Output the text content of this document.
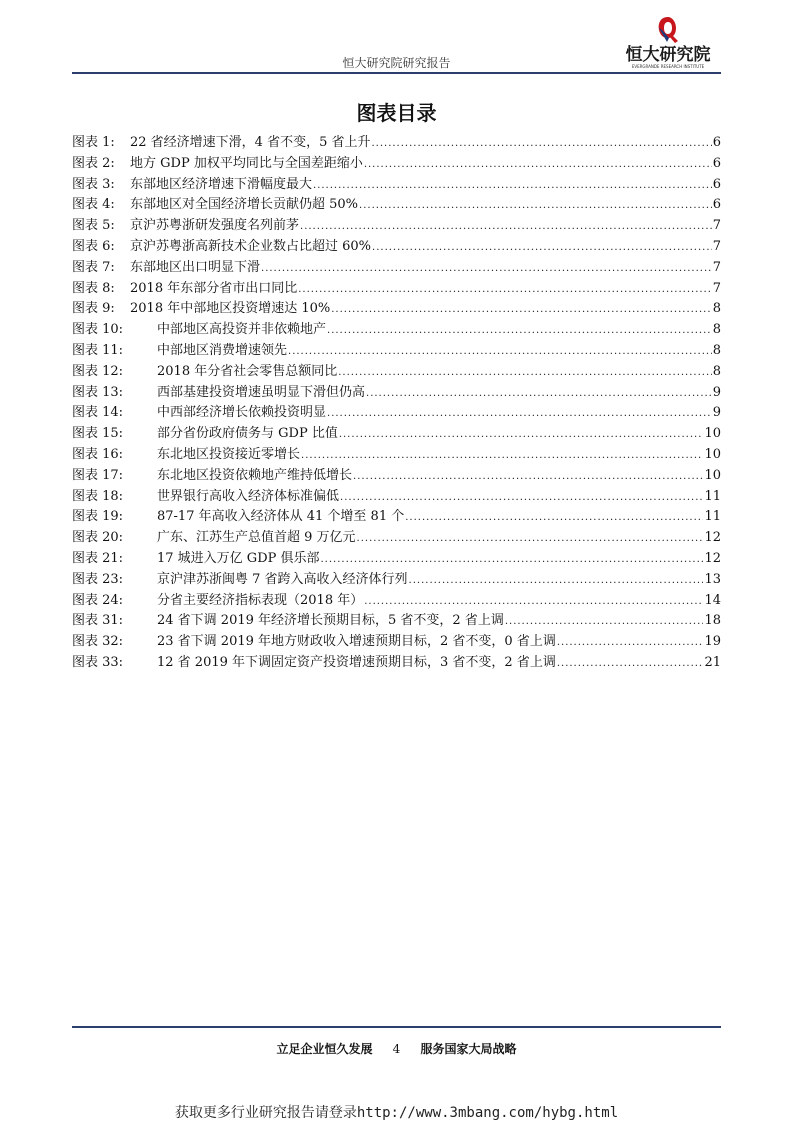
恒大研究院研究报告	恒大研究院
EVERGRANDE RESEARCH INSTITUTE
图表目录
图表 1:	22 省经济增速下滑，4 省不变，5 省上升 .....	6
图表 2:	地方 GDP 加权平均同比与全国差距缩小 .....	6
图表 3:	东部地区经济增速下滑幅度最大 .....	6
图表 4:	东部地区对全国经济增长贡献仍超 50% .....	6
图表 5:	京沪苏粤浙研发强度名列前茅 .....	7
图表 6:	京沪苏粤浙高新技术企业数占比超过 60% .....	7
图表 7:	东部地区出口明显下滑 .....	7
图表 8:	2018 年东部分省市出口同比 .....	7
图表 9:	2018 年中部地区投资增速达 10% .....	8
图表 10:	中部地区高投资并非依赖地产 .....	8
图表 11:	中部地区消费增速领先 .....	8
图表 12:	2018 年分省社会零售总额同比 .....	8
图表 13:	西部基建投资增速虽明显下滑但仍高 .....	9
图表 14:	中西部经济增长依赖投资明显 .....	9
图表 15:	部分省份政府债务与 GDP 比值 .....	10
图表 16:	东北地区投资接近零增长 .....	10
图表 17:	东北地区投资依赖地产维持低增长 .....	10
图表 18:	世界银行高收入经济体标准偏低 .....	11
图表 19:	87-17 年高收入经济体从 41 个增至 81 个 .....	11
图表 20:	广东、江苏生产总值首超 9 万亿元 .....	12
图表 21:	17 城进入万亿 GDP 俱乐部 .....	12
图表 23:	京沪津苏浙闽粤 7 省跨入高收入经济体行列 .....	13
图表 24:	分省主要经济指标表现（2018 年） .....	14
图表 31:	24 省下调 2019 年经济增长预期目标，5 省不变，2 省上调 .....	18
图表 32:	23 省下调 2019 年地方财政收入增速预期目标，2 省不变，0 省上调 .....	19
图表 33:	12 省 2019 年下调固定资产投资增速预期目标，3 省不变，2 省上调 .....	21
立足企业恒久发展 4 服务国家大局战略
获取更多行业研究报告请登录http://www.3mbang.com/hybg.html
